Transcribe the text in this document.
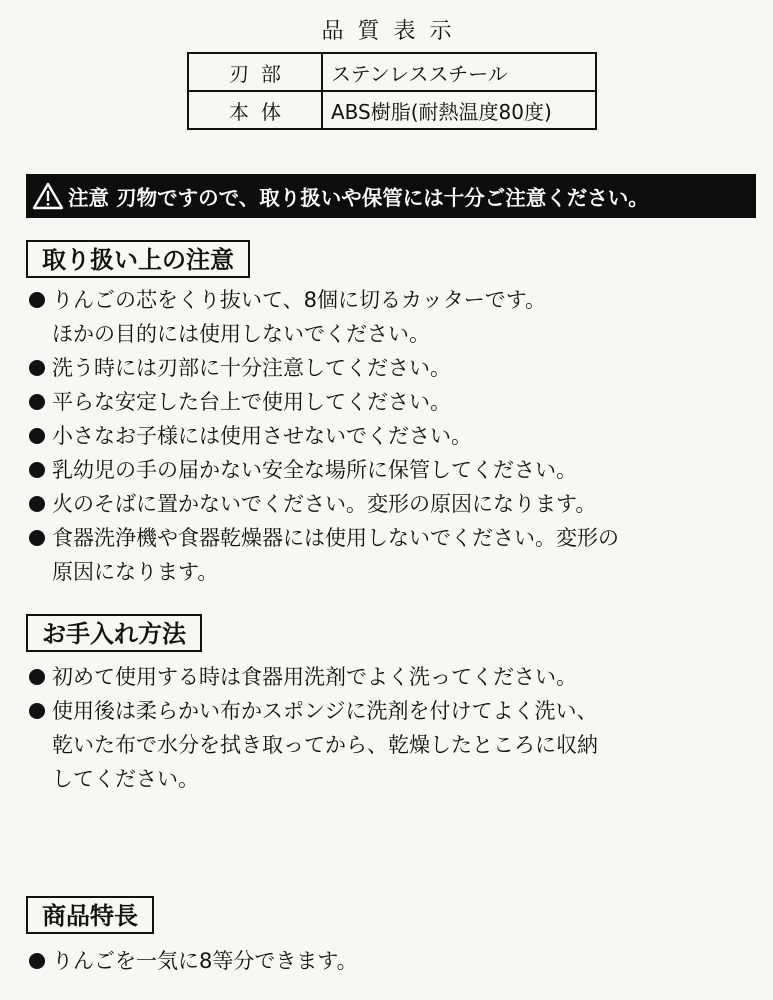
品質表示
刃部	ステンレススチール
本体	ABS樹脂(耐熱温度80度)
注意 刃物ですので、取り扱いや保管には十分ご注意ください。
取り扱い上の注意
りんごの芯をくり抜いて、8個に切るカッターです。
ほかの目的には使用しないでください。
洗う時には刃部に十分注意してください。
平らな安定した台上で使用してください。
小さなお子様には使用させないでください。
乳幼児の手の届かない安全な場所に保管してください。
火のそばに置かないでください。変形の原因になります。
食器洗浄機や食器乾燥器には使用しないでください。変形の
原因になります。
お手入れ方法
初めて使用する時は食器用洗剤でよく洗ってください。
使用後は柔らかい布かスポンジに洗剤を付けてよく洗い、
乾いた布で水分を拭き取ってから、乾燥したところに収納
してください。
商品特長
りんごを一気に8等分できます。
